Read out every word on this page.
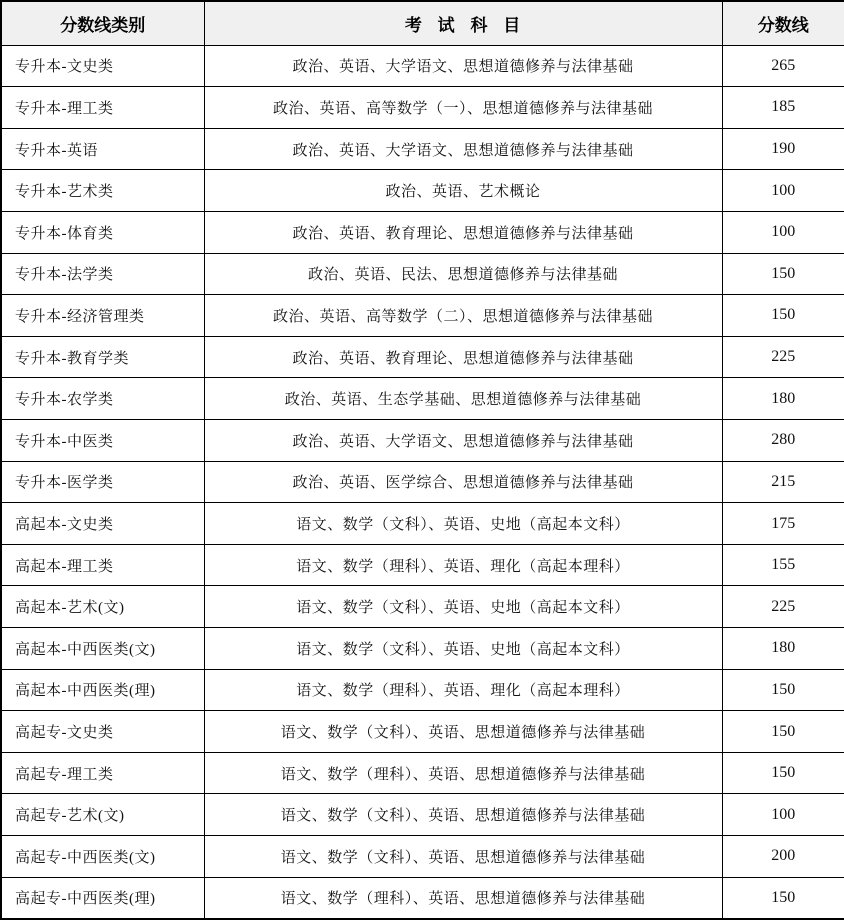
分数线类别	考 试 科 目	分数线
专升本-文史类	政治、英语、大学语文、思想道德修养与法律基础	265
专升本-理工类	政治、英语、高等数学（一）、思想道德修养与法律基础	185
专升本-英语	政治、英语、大学语文、思想道德修养与法律基础	190
专升本-艺术类	政治、英语、艺术概论	100
专升本-体育类	政治、英语、教育理论、思想道德修养与法律基础	100
专升本-法学类	政治、英语、民法、思想道德修养与法律基础	150
专升本-经济管理类	政治、英语、高等数学（二）、思想道德修养与法律基础	150
专升本-教育学类	政治、英语、教育理论、思想道德修养与法律基础	225
专升本-农学类	政治、英语、生态学基础、思想道德修养与法律基础	180
专升本-中医类	政治、英语、大学语文、思想道德修养与法律基础	280
专升本-医学类	政治、英语、医学综合、思想道德修养与法律基础	215
高起本-文史类	语文、数学（文科）、英语、史地（高起本文科）	175
高起本-理工类	语文、数学（理科）、英语、理化（高起本理科）	155
高起本-艺术(文)	语文、数学（文科）、英语、史地（高起本文科）	225
高起本-中西医类(文)	语文、数学（文科）、英语、史地（高起本文科）	180
高起本-中西医类(理)	语文、数学（理科）、英语、理化（高起本理科）	150
高起专-文史类	语文、数学（文科）、英语、思想道德修养与法律基础	150
高起专-理工类	语文、数学（理科）、英语、思想道德修养与法律基础	150
高起专-艺术(文)	语文、数学（文科）、英语、思想道德修养与法律基础	100
高起专-中西医类(文)	语文、数学（文科）、英语、思想道德修养与法律基础	200
高起专-中西医类(理)	语文、数学（理科）、英语、思想道德修养与法律基础	150
